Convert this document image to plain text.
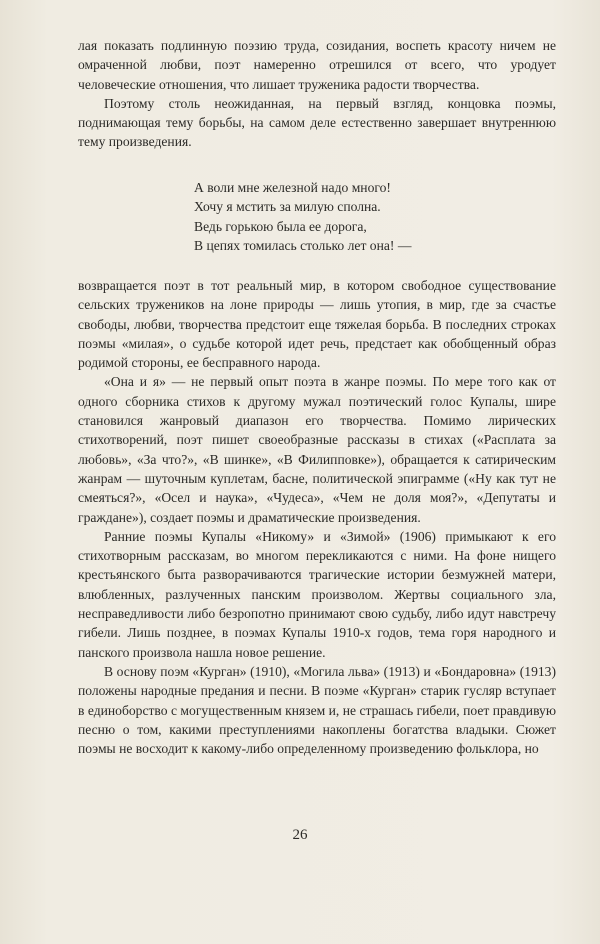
лая показать подлинную поэзию труда, созидания, воспеть красоту ничем не омраченной любви, поэт намеренно отрешился от всего, что уродует человеческие отношения, что лишает труженика радости творчества.

Поэтому столь неожиданная, на первый взгляд, концовка поэмы, поднимающая тему борьбы, на самом деле естественно завершает внутреннюю тему произведения.

А воли мне железной надо много!
Хочу я мстить за милую сполна.
Ведь горькою была ее дорога,
В цепях томилась столько лет она! —

возвращается поэт в тот реальный мир, в котором свободное существование сельских тружеников на лоне природы — лишь утопия, в мир, где за счастье свободы, любви, творчества предстоит еще тяжелая борьба. В последних строках поэмы «милая», о судьбе которой идет речь, предстает как обобщенный образ родимой стороны, ее бесправного народа.

«Она и я» — не первый опыт поэта в жанре поэмы. По мере того как от одного сборника стихов к другому мужал поэтический голос Купалы, шире становился жанровый диапазон его творчества. Помимо лирических стихотворений, поэт пишет своеобразные рассказы в стихах («Расплата за любовь», «За что?», «В шинке», «В Филипповке»), обращается к сатирическим жанрам — шуточным куплетам, басне, политической эпиграмме («Ну как тут не смеяться?», «Осел и наука», «Чудеса», «Чем не доля моя?», «Депутаты и граждане»), создает поэмы и драматические произведения.

Ранние поэмы Купалы «Никому» и «Зимой» (1906) примыкают к его стихотворным рассказам, во многом перекликаются с ними. На фоне нищего крестьянского быта разворачиваются трагические истории безмужней матери, влюбленных, разлученных панским произволом. Жертвы социального зла, несправедливости либо безропотно принимают свою судьбу, либо идут навстречу гибели. Лишь позднее, в поэмах Купалы 1910-х годов, тема горя народного и панского произвола нашла новое решение.

В основу поэм «Курган» (1910), «Могила льва» (1913) и «Бондаровна» (1913) положены народные предания и песни. В поэме «Курган» старик гусляр вступает в единоборство с могущественным князем и, не страшась гибели, поет правдивую песню о том, какими преступлениями накоплены богатства владыки. Сюжет поэмы не восходит к какому-либо определенному произведению фольклора, но

26
